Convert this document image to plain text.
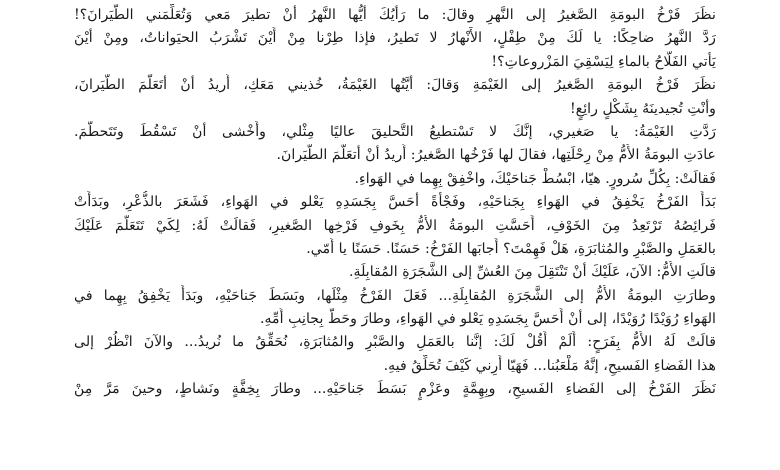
نظَرَ فَرْخُ البومَةِ الصَّغيرُ إلى النَّهرِ وقالَ: ما رَأيُكَ أيُّها النَّهرُ أنْ تطيرَ مَعي وَتُعَلِّمَني الطَّيَرانَ؟!
رَدَّ النَّهرُ ضاحِكًا: يا لَكَ مِنْ طِفْلٍ، الأَنْهارُ لا تَطيرُ، فإذا طِرْنا مِنْ أَيْنَ تَشْرَبُ الحيَواناتُ، ومِنْ أيْنَ
يَأْتي الفَلّاحُ بالماءِ لِيَسْقِيَ المَزْروعاتِ؟!
نظَرَ فَرْخُ البومَةِ الصَّغيرُ إلى الغَيْمَةِ وَقالَ: أيَّتُها الغَيْمَةُ، خُذيني مَعَكِ، أُريدُ أنْ أتَعَلَّمَ الطَّيَرانَ،
وأنْتِ تُجيدينَهُ بِشَكْلٍ رائِعٍ!
رَدَّتِ الغَيْمَةُ: يا صَغيري، إنَّكَ لا تَسْتطيعُ التَّحليقَ عاليًا مِثْلي، وأَخْشى أنْ تَسْقُطَ وتَتَحطَّمَ.
عادَتِ البومَةُ الأُمُّ مِنْ رِحْلَتِها، فقالَ لها فَرْخُها الصَّغيرُ: أُريدُ أنْ أتعَلَّمَ الطَّيَرانَ.
فَقالَتْ: بِكُلِّ سُرورٍ. هيّا، ابْسُطْ جَناحَيْكَ، واخْفِقْ بِهِما في الهَواءِ.
بَدَأَ الفَرْخُ يَخْفِقُ في الهَواءِ بِجَناحَيْهِ، وفَجْأَةً أحَسَّ بِجَسَدِهِ يَعْلو في الهَواءِ، فَشَعَرَ بالذُّعْرِ، وبَدَأَتْ
فَرائِصُهُ تَرْتَعِدُ مِنَ الخَوْفِ، أَحَسَّتِ البومَةُ الأُمُّ بِخَوفِ فَرْخِها الصَّغيرِ، فَقالَتْ لَهُ: لِكَيْ تَتَعَلَّمَ عَلَيْكَ
بالعَمَلِ والصَّبْرِ والمُثابَرَةِ، هَلْ فَهِمْتَ؟ أَجابَها الفَرْخُ: حَسَنًا. حَسَنًا يا أُمّي.
قالَتِ الأُمُّ: الآنَ، عَلَيْكَ أنْ تَنْتَقِلَ مِنَ العُشِّ إلى الشَّجَرَةِ المُقابِلَةِ.
وطارَتِ البومَةُ الأُمُّ إلى الشَّجَرَةِ المُقابِلَةِ... فَعَلَ الفَرْخُ مِثْلَها، وبَسَطَ جَناحَيْهِ، وبَدَأَ يَخْفِقُ بِهِما في
الهَواءِ رُوَيْدًا رُوَيْدًا، إلى أنْ أَحَسَّ بِجَسَدِهِ يَعْلو في الهَواءِ، وطارَ وحَطَّ بِجانِبِ أُمِّهِ.
قالَتْ لَهُ الأُمُّ بِفَرَحٍ: أَلَمْ أَقُلْ لَكَ: إنَّنا بالعَمَلِ والصَّبْرِ والمُثابَرَةِ، نُحَقِّقُ ما نُريدُ... والآنَ انْظُرْ إلى
هذا الفَضاءِ الفَسيحِ، إنَّهُ مَلْعَبُنا... فَهَيّا أَرِني كَيْفَ تُحَلِّقُ فيهِ.
نَظَرَ الفَرْخُ إلى الفَضاءِ الفَسيحِ، وبِهِمَّةٍ وعَزْمٍ بَسَطَ جَناحَيْهِ... وطارَ بِخِفَّةٍ ونَشاطٍ، وحينَ مَرَّ مِنْ
